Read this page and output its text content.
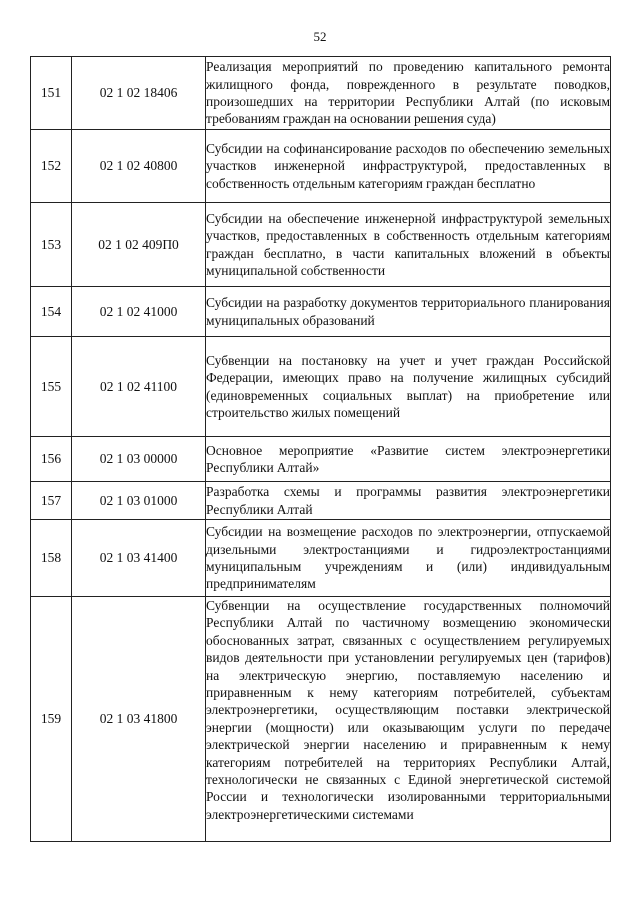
52
151	02 1 02 18406	Реализация мероприятий по проведению капитального ремонта жилищного фонда, поврежденного в результате поводков, произошедших на территории Республики Алтай (по исковым требованиям граждан на основании решения суда)
152	02 1 02 40800	Субсидии на софинансирование расходов по обеспечению земельных участков инженерной инфраструктурой, предоставленных в собственность отдельным категориям граждан бесплатно
153	02 1 02 409П0	Субсидии на обеспечение инженерной инфраструктурой земельных участков, предоставленных в собственность отдельным категориям граждан бесплатно, в части капитальных вложений в объекты муниципальной собственности
154	02 1 02 41000	Субсидии на разработку документов территориального планирования муниципальных образований
155	02 1 02 41100	Субвенции на постановку на учет и учет граждан Российской Федерации, имеющих право на получение жилищных субсидий (единовременных социальных выплат) на приобретение или строительство жилых помещений
156	02 1 03 00000	Основное мероприятие «Развитие систем электроэнергетики Республики Алтай»
157	02 1 03 01000	Разработка схемы и программы развития электроэнергетики Республики Алтай
158	02 1 03 41400	Субсидии на возмещение расходов по электроэнергии, отпускаемой дизельными электростанциями и гидроэлектростанциями муниципальным учреждениям и (или) индивидуальным предпринимателям
159	02 1 03 41800	Субвенции на осуществление государственных полномочий Республики Алтай по частичному возмещению экономически обоснованных затрат, связанных с осуществлением регулируемых видов деятельности при установлении регулируемых цен (тарифов) на электрическую энергию, поставляемую населению и приравненным к нему категориям потребителей, субъектам электроэнергетики, осуществляющим поставки электрической энергии (мощности) или оказывающим услуги по передаче электрической энергии населению и приравненным к нему категориям потребителей на территориях Республики Алтай, технологически не связанных с Единой энергетической системой России и технологически изолированными территориальными электроэнергетическими системами
